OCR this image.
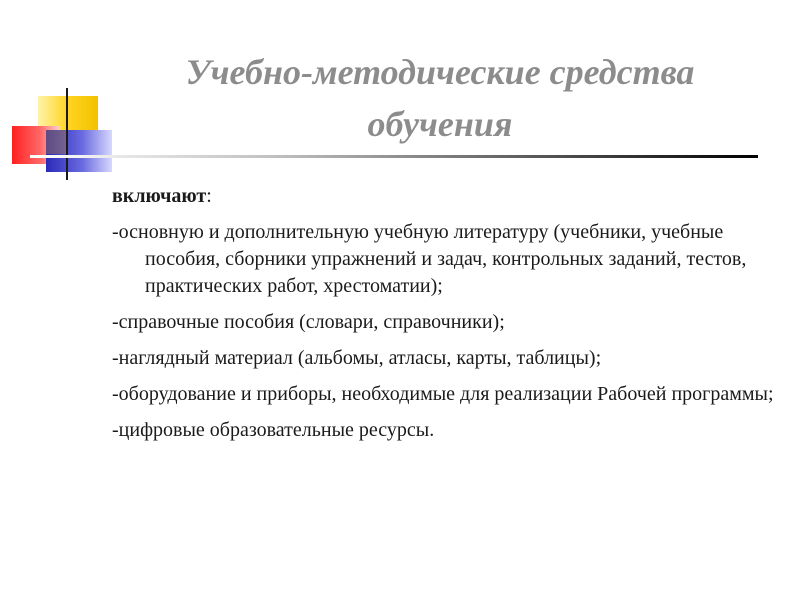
Учебно-методические средства
обучения

включают:

-основную и дополнительную учебную литературу (учебники, учебные пособия, сборники упражнений и задач, контрольных заданий, тестов, практических работ, хрестоматии);
-справочные пособия (словари, справочники);
-наглядный материал (альбомы, атласы, карты, таблицы);
-оборудование и приборы, необходимые для реализации Рабочей программы;
-цифровые образовательные ресурсы.
